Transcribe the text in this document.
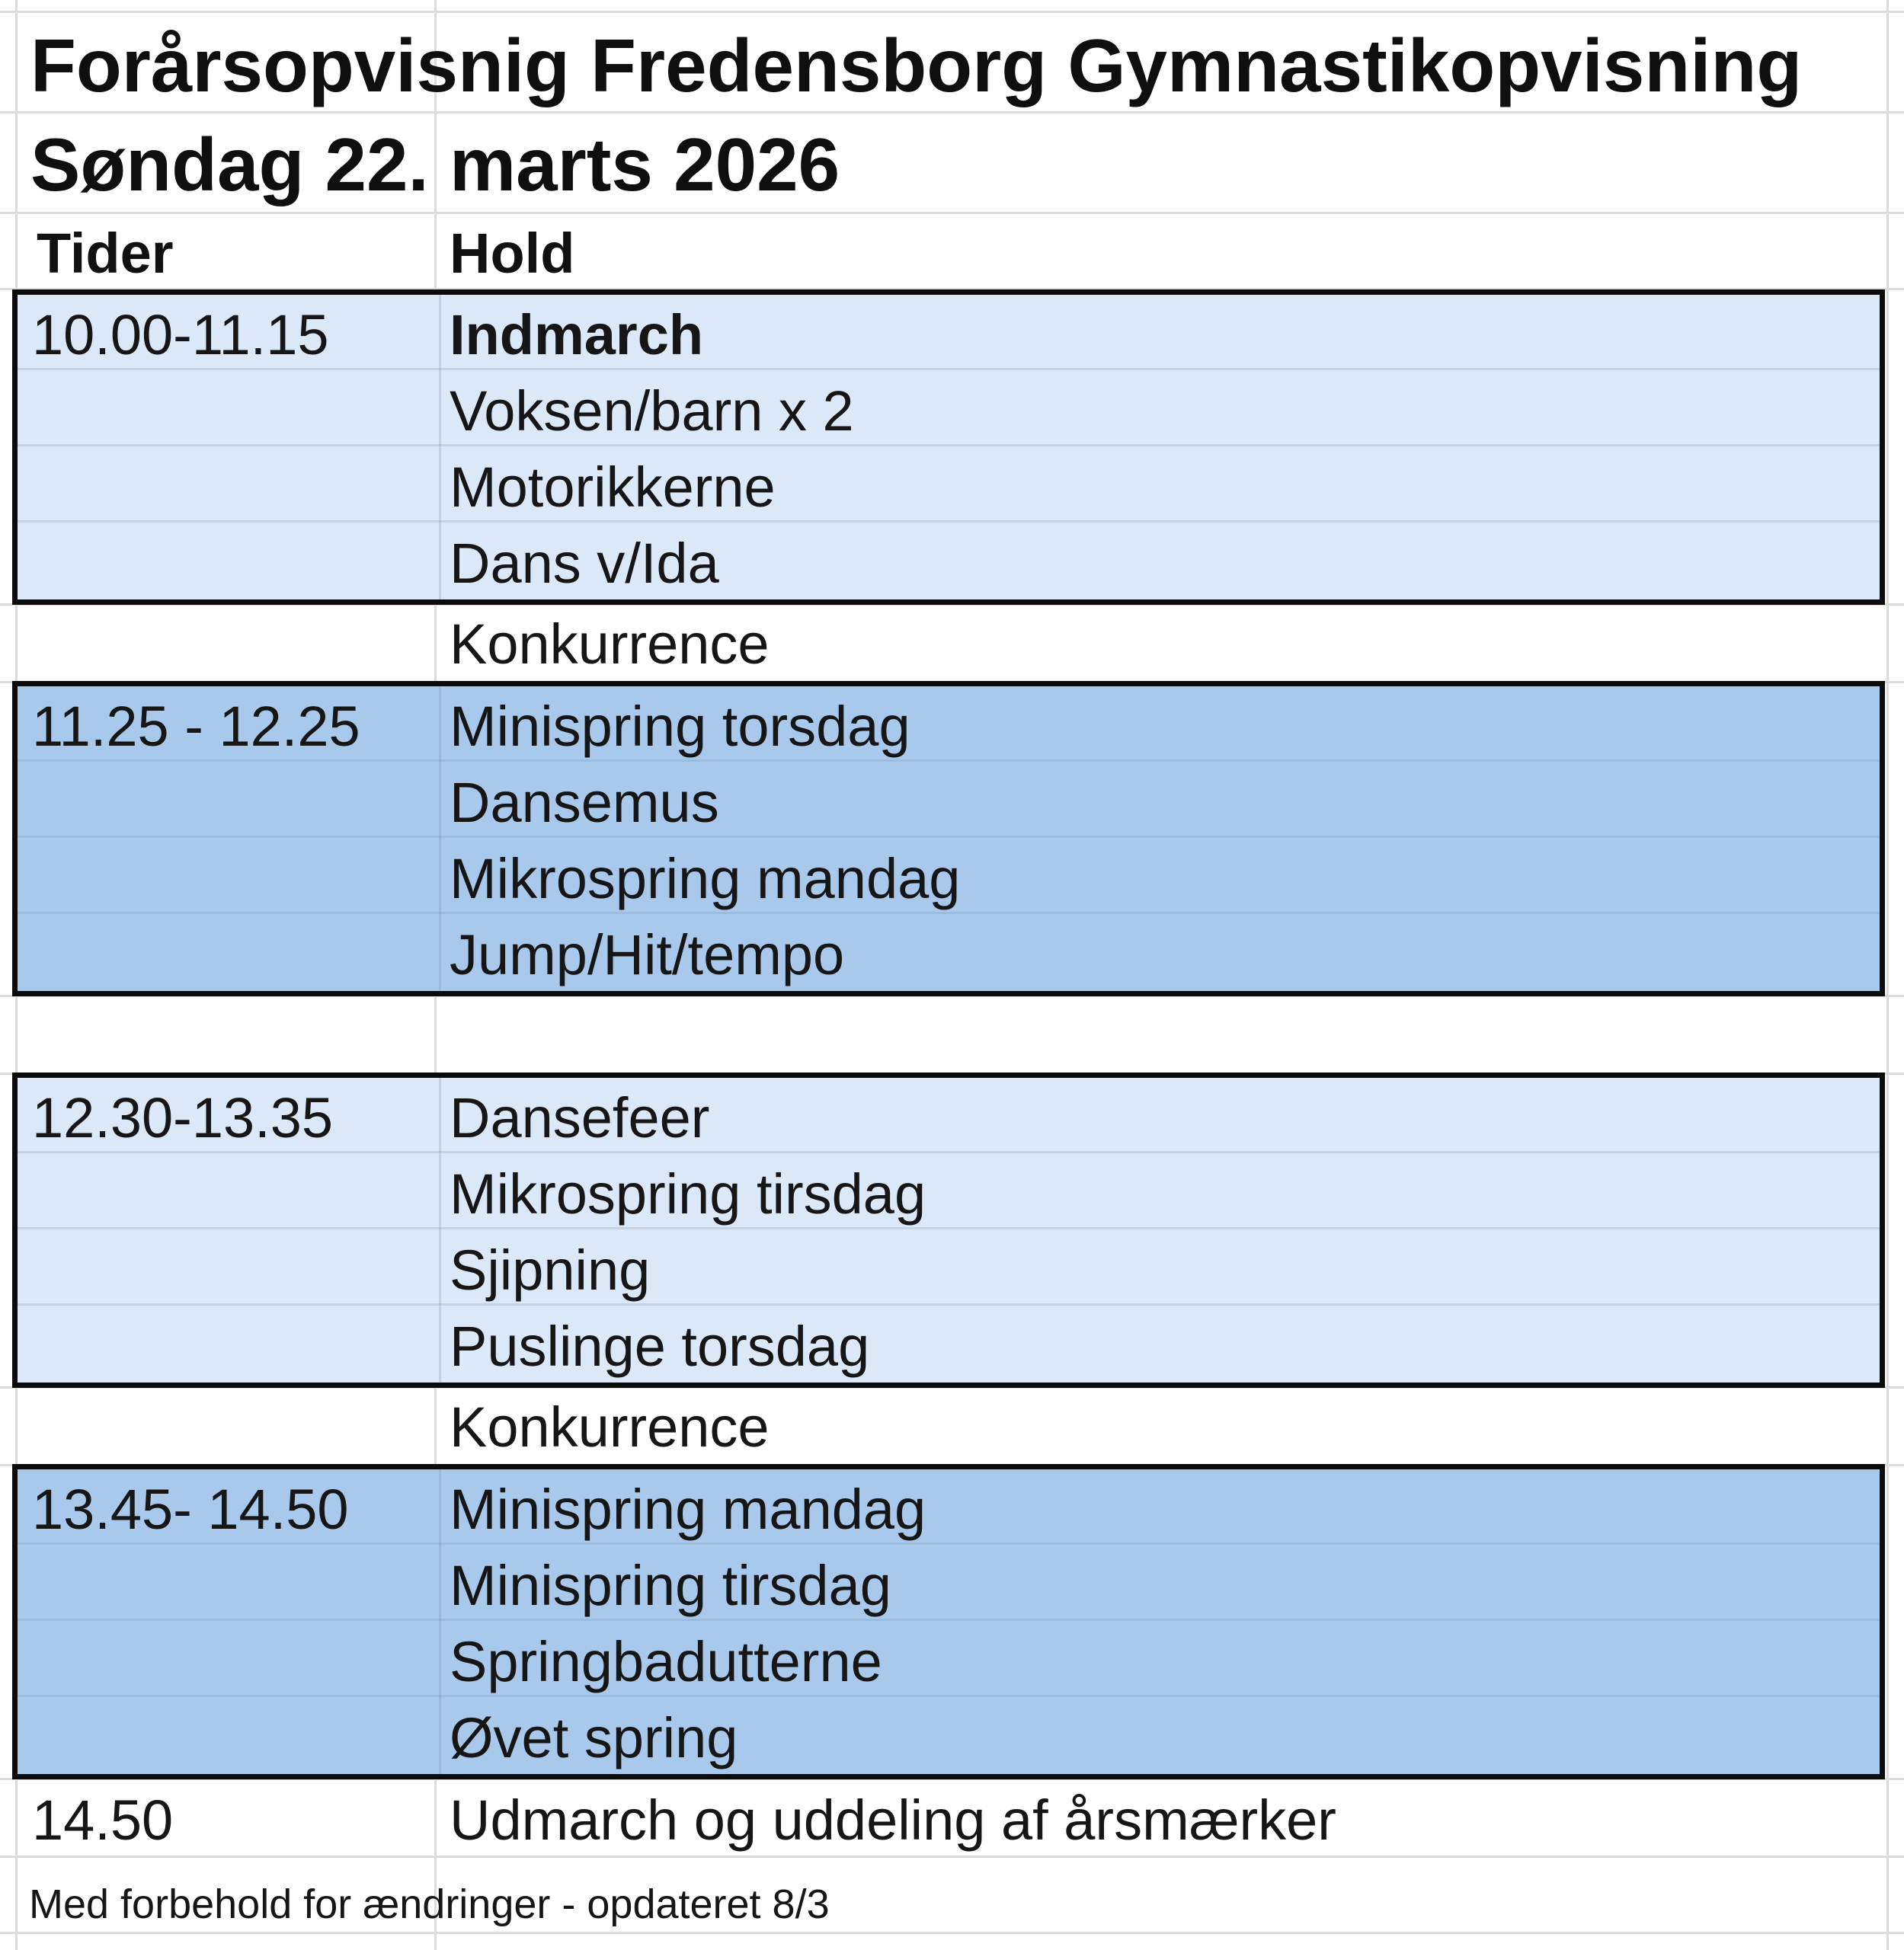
Forårsopvisnig Fredensborg Gymnastikopvisning
Søndag 22. marts 2026
Tider	Hold
10.00-11.15 Indmarch
Voksen/barn x 2
Motorikkerne
Dans v/Ida
Konkurrence
11.25 - 12.25 Minispring torsdag
Dansemus
Mikrospring mandag
Jump/Hit/tempo
12.30-13.35 Dansefeer
Mikrospring tirsdag
Sjipning
Puslinge torsdag
Konkurrence
13.45- 14.50 Minispring mandag
Minispring tirsdag
Springbadutterne
Øvet spring
14.50	Udmarch og uddeling af årsmærker
Med forbehold for ændringer - opdateret 8/3
